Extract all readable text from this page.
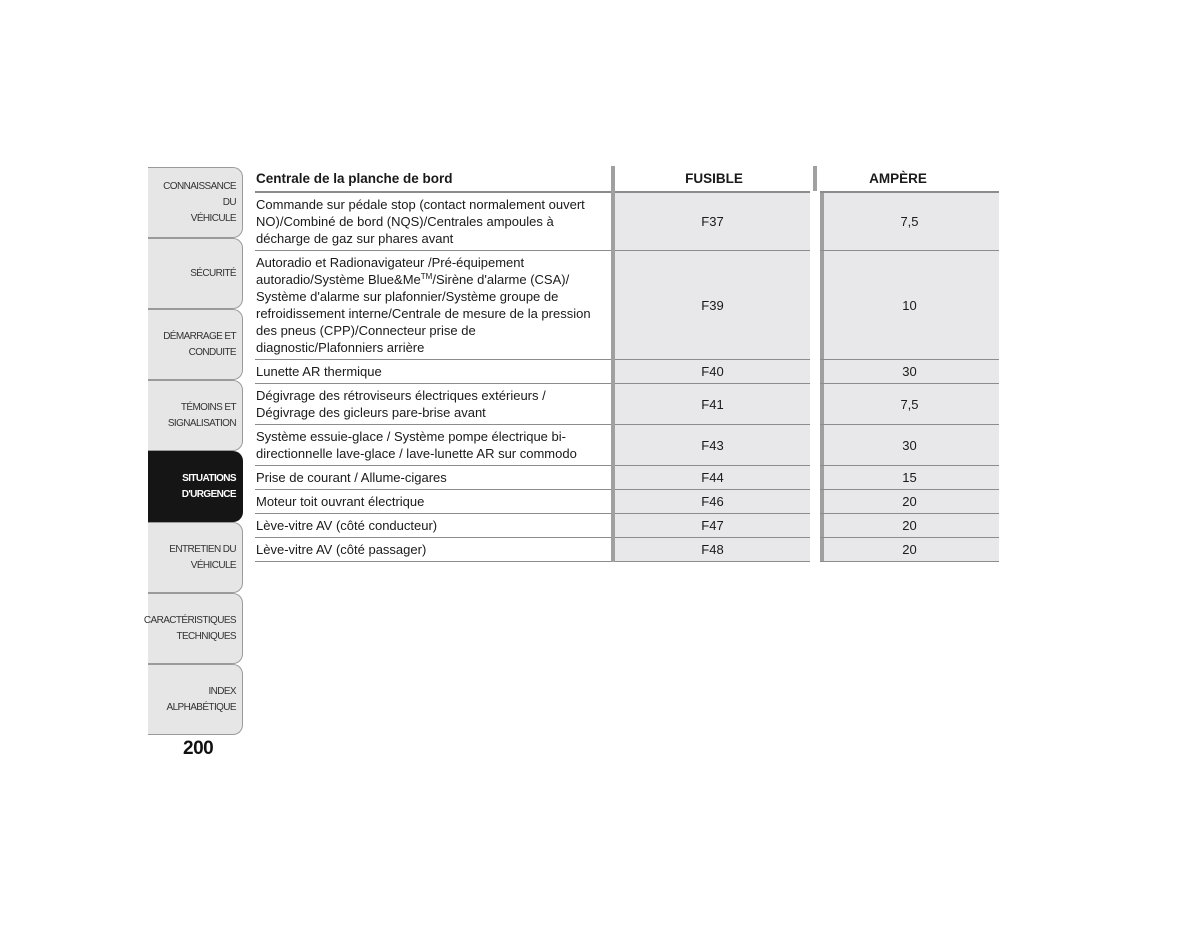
CONNAISSANCE DU
VÉHICULE
SÉCURITÉ
DÉMARRAGE ET
CONDUITE
TÉMOINS ET
SIGNALISATION
SITUATIONS
D'URGENCE
ENTRETIEN DU
VÉHICULE
CARACTÉRISTIQUES
TECHNIQUES
INDEX
ALPHABÉTIQUE
200
Centrale de la planche de bord	FUSIBLE	AMPÈRE
Commande sur pédale stop (contact normalement ouvert NO)/Combiné de bord (NQS)/Centrales ampoules à décharge de gaz sur phares avant	F37	7,5
Autoradio et Radionavigateur /Pré-équipement autoradio/Système Blue&Me™/Sirène d'alarme (CSA)/ Système d'alarme sur plafonnier/Système groupe de refroidissement interne/Centrale de mesure de la pression des pneus (CPP)/Connecteur prise de diagnostic/Plafonniers arrière	F39	10
Lunette AR thermique	F40	30
Dégivrage des rétroviseurs électriques extérieurs / Dégivrage des gicleurs pare-brise avant	F41	7,5
Système essuie-glace / Système pompe électrique bi-directionnelle lave-glace / lave-lunette AR sur commodo	F43	30
Prise de courant / Allume-cigares	F44	15
Moteur toit ouvrant électrique	F46	20
Lève-vitre AV (côté conducteur)	F47	20
Lève-vitre AV (côté passager)	F48	20
